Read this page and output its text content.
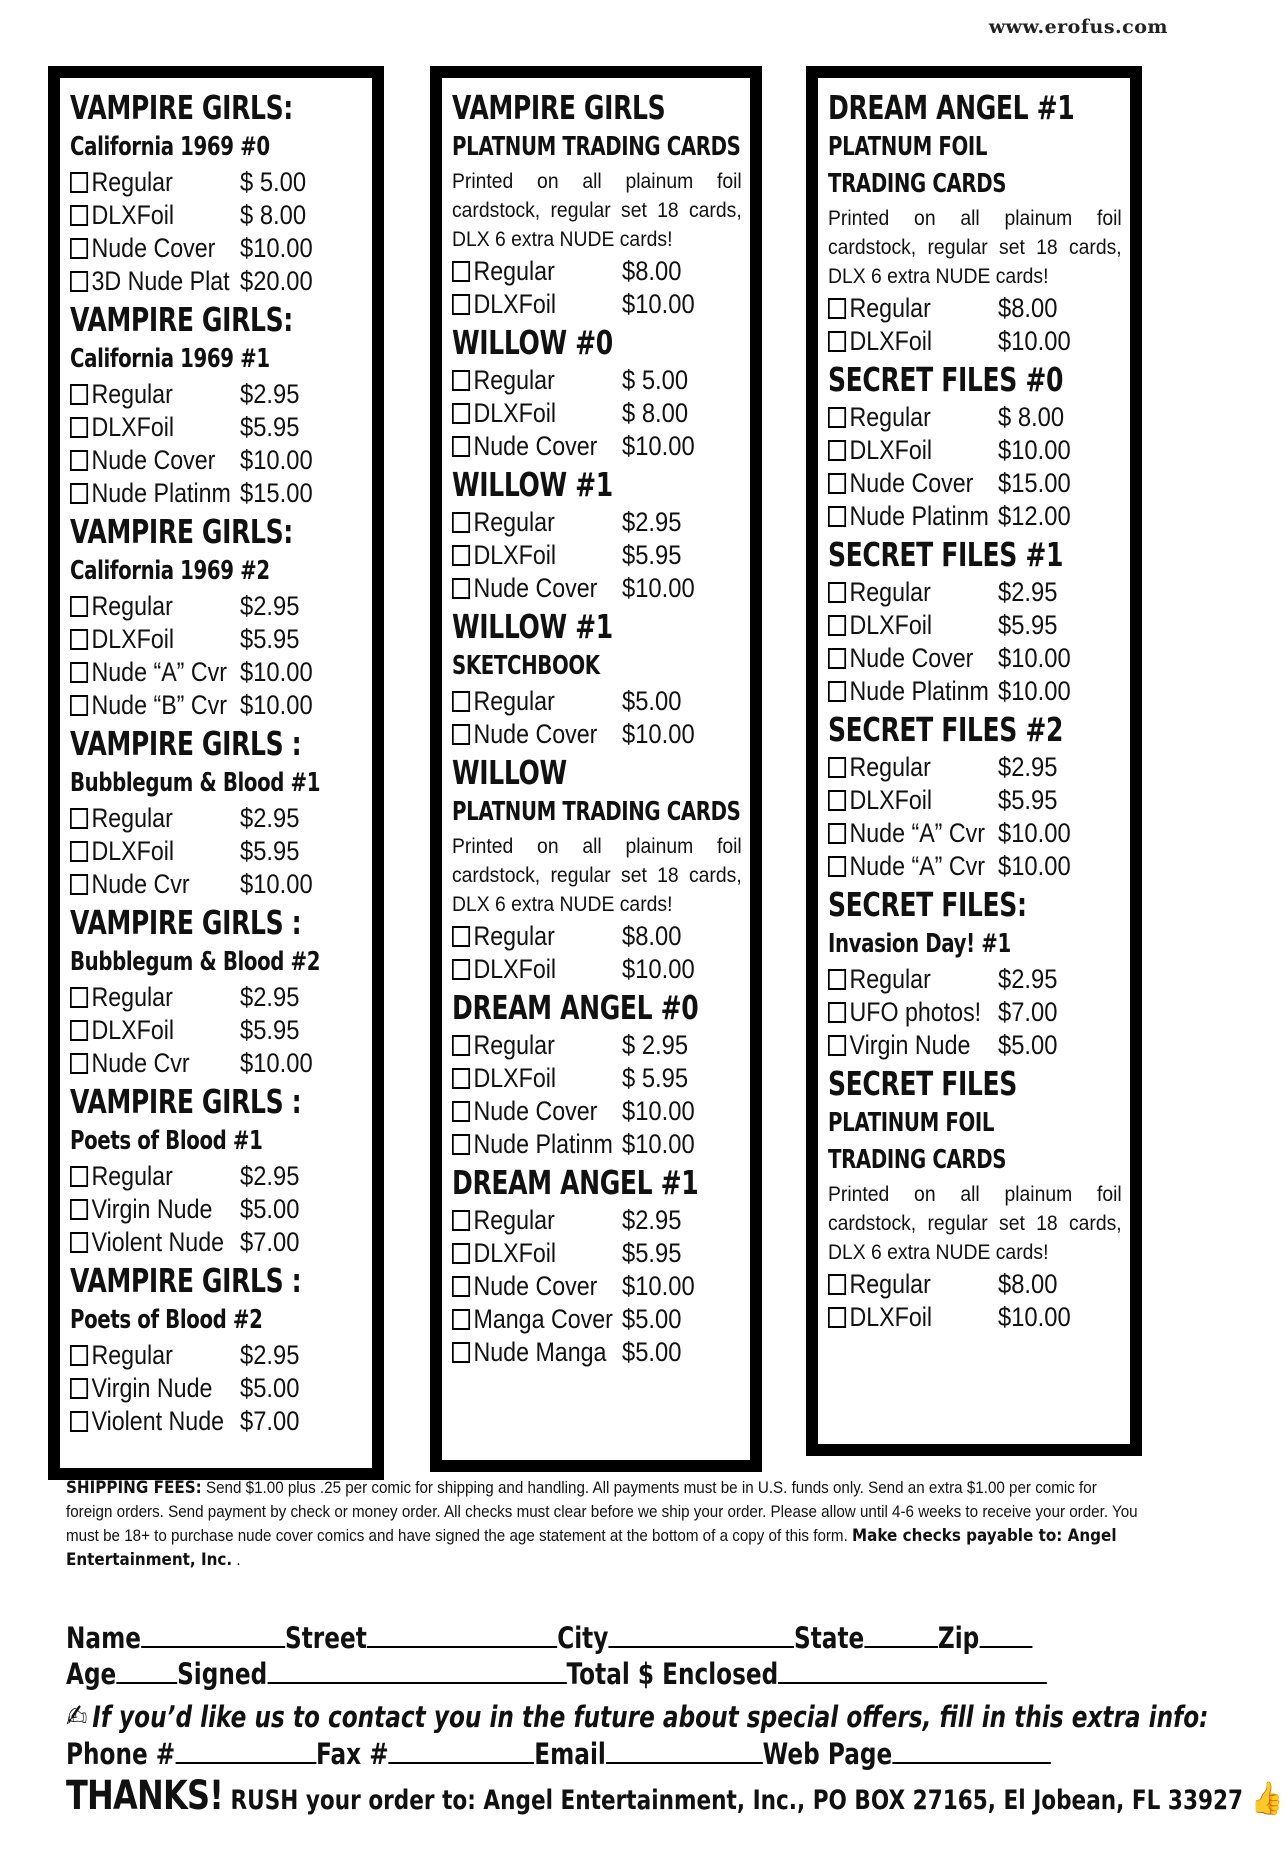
www.erofus.com
VAMPIRE GIRLS:
California 1969 #0
Regular $ 5.00
DLXFoil $ 8.00
Nude Cover $10.00
3D Nude Plat $20.00
VAMPIRE GIRLS:
California 1969 #1
Regular $2.95
DLXFoil $5.95
Nude Cover $10.00
Nude Platinm $15.00
VAMPIRE GIRLS:
California 1969 #2
Regular $2.95
DLXFoil $5.95
Nude “A” Cvr $10.00
Nude “B” Cvr $10.00
VAMPIRE GIRLS :
Bubblegum & Blood #1
Regular $2.95
DLXFoil $5.95
Nude Cvr $10.00
VAMPIRE GIRLS :
Bubblegum & Blood #2
Regular $2.95
DLXFoil $5.95
Nude Cvr $10.00
VAMPIRE GIRLS :
Poets of Blood #1
Regular $2.95
Virgin Nude $5.00
Violent Nude $7.00
VAMPIRE GIRLS :
Poets of Blood #2
Regular $2.95
Virgin Nude $5.00
Violent Nude $7.00
VAMPIRE GIRLS
PLATNUM TRADING CARDS
Printed on all plainum foil cardstock, regular set 18 cards, DLX 6 extra NUDE cards!
Regular $8.00
DLXFoil $10.00
WILLOW #0
Regular $ 5.00
DLXFoil $ 8.00
Nude Cover $10.00
WILLOW #1
Regular $2.95
DLXFoil $5.95
Nude Cover $10.00
WILLOW #1
SKETCHBOOK
Regular $5.00
Nude Cover $10.00
WILLOW
PLATNUM TRADING CARDS
Printed on all plainum foil cardstock, regular set 18 cards, DLX 6 extra NUDE cards!
Regular $8.00
DLXFoil $10.00
DREAM ANGEL #0
Regular $ 2.95
DLXFoil $ 5.95
Nude Cover $10.00
Nude Platinm $10.00
DREAM ANGEL #1
Regular $2.95
DLXFoil $5.95
Nude Cover $10.00
Manga Cover $5.00
Nude Manga $5.00
DREAM ANGEL #1
PLATNUM FOIL
TRADING CARDS
Printed on all plainum foil cardstock, regular set 18 cards, DLX 6 extra NUDE cards!
Regular $8.00
DLXFoil $10.00
SECRET FILES #0
Regular $ 8.00
DLXFoil $10.00
Nude Cover $15.00
Nude Platinm $12.00
SECRET FILES #1
Regular $2.95
DLXFoil $5.95
Nude Cover $10.00
Nude Platinm $10.00
SECRET FILES #2
Regular $2.95
DLXFoil $5.95
Nude “A” Cvr $10.00
Nude “A” Cvr $10.00
SECRET FILES:
Invasion Day! #1
Regular $2.95
UFO photos! $7.00
Virgin Nude $5.00
SECRET FILES
PLATINUM FOIL
TRADING CARDS
Printed on all plainum foil cardstock, regular set 18 cards, DLX 6 extra NUDE cards!
Regular $8.00
DLXFoil $10.00
SHIPPING FEES: Send $1.00 plus .25 per comic for shipping and handling. All payments must be in U.S. funds only. Send an extra $1.00 per comic for foreign orders. Send payment by check or money order. All checks must clear before we ship your order. Please allow until 4-6 weeks to receive your order. You must be 18+ to purchase nude cover comics and have signed the age statement at the bottom of a copy of this form. Make checks payable to: Angel Entertainment, Inc. .
Name	Street	City	State	Zip
Age Signed	Total $ Enclosed
✍ If you’d like us to contact you in the future about special offers, fill in this extra info:
Phone #	Fax #	Email	Web Page
THANKS! RUSH your order to: Angel Entertainment, Inc., PO BOX 27165, El Jobean, FL 33927 👍
